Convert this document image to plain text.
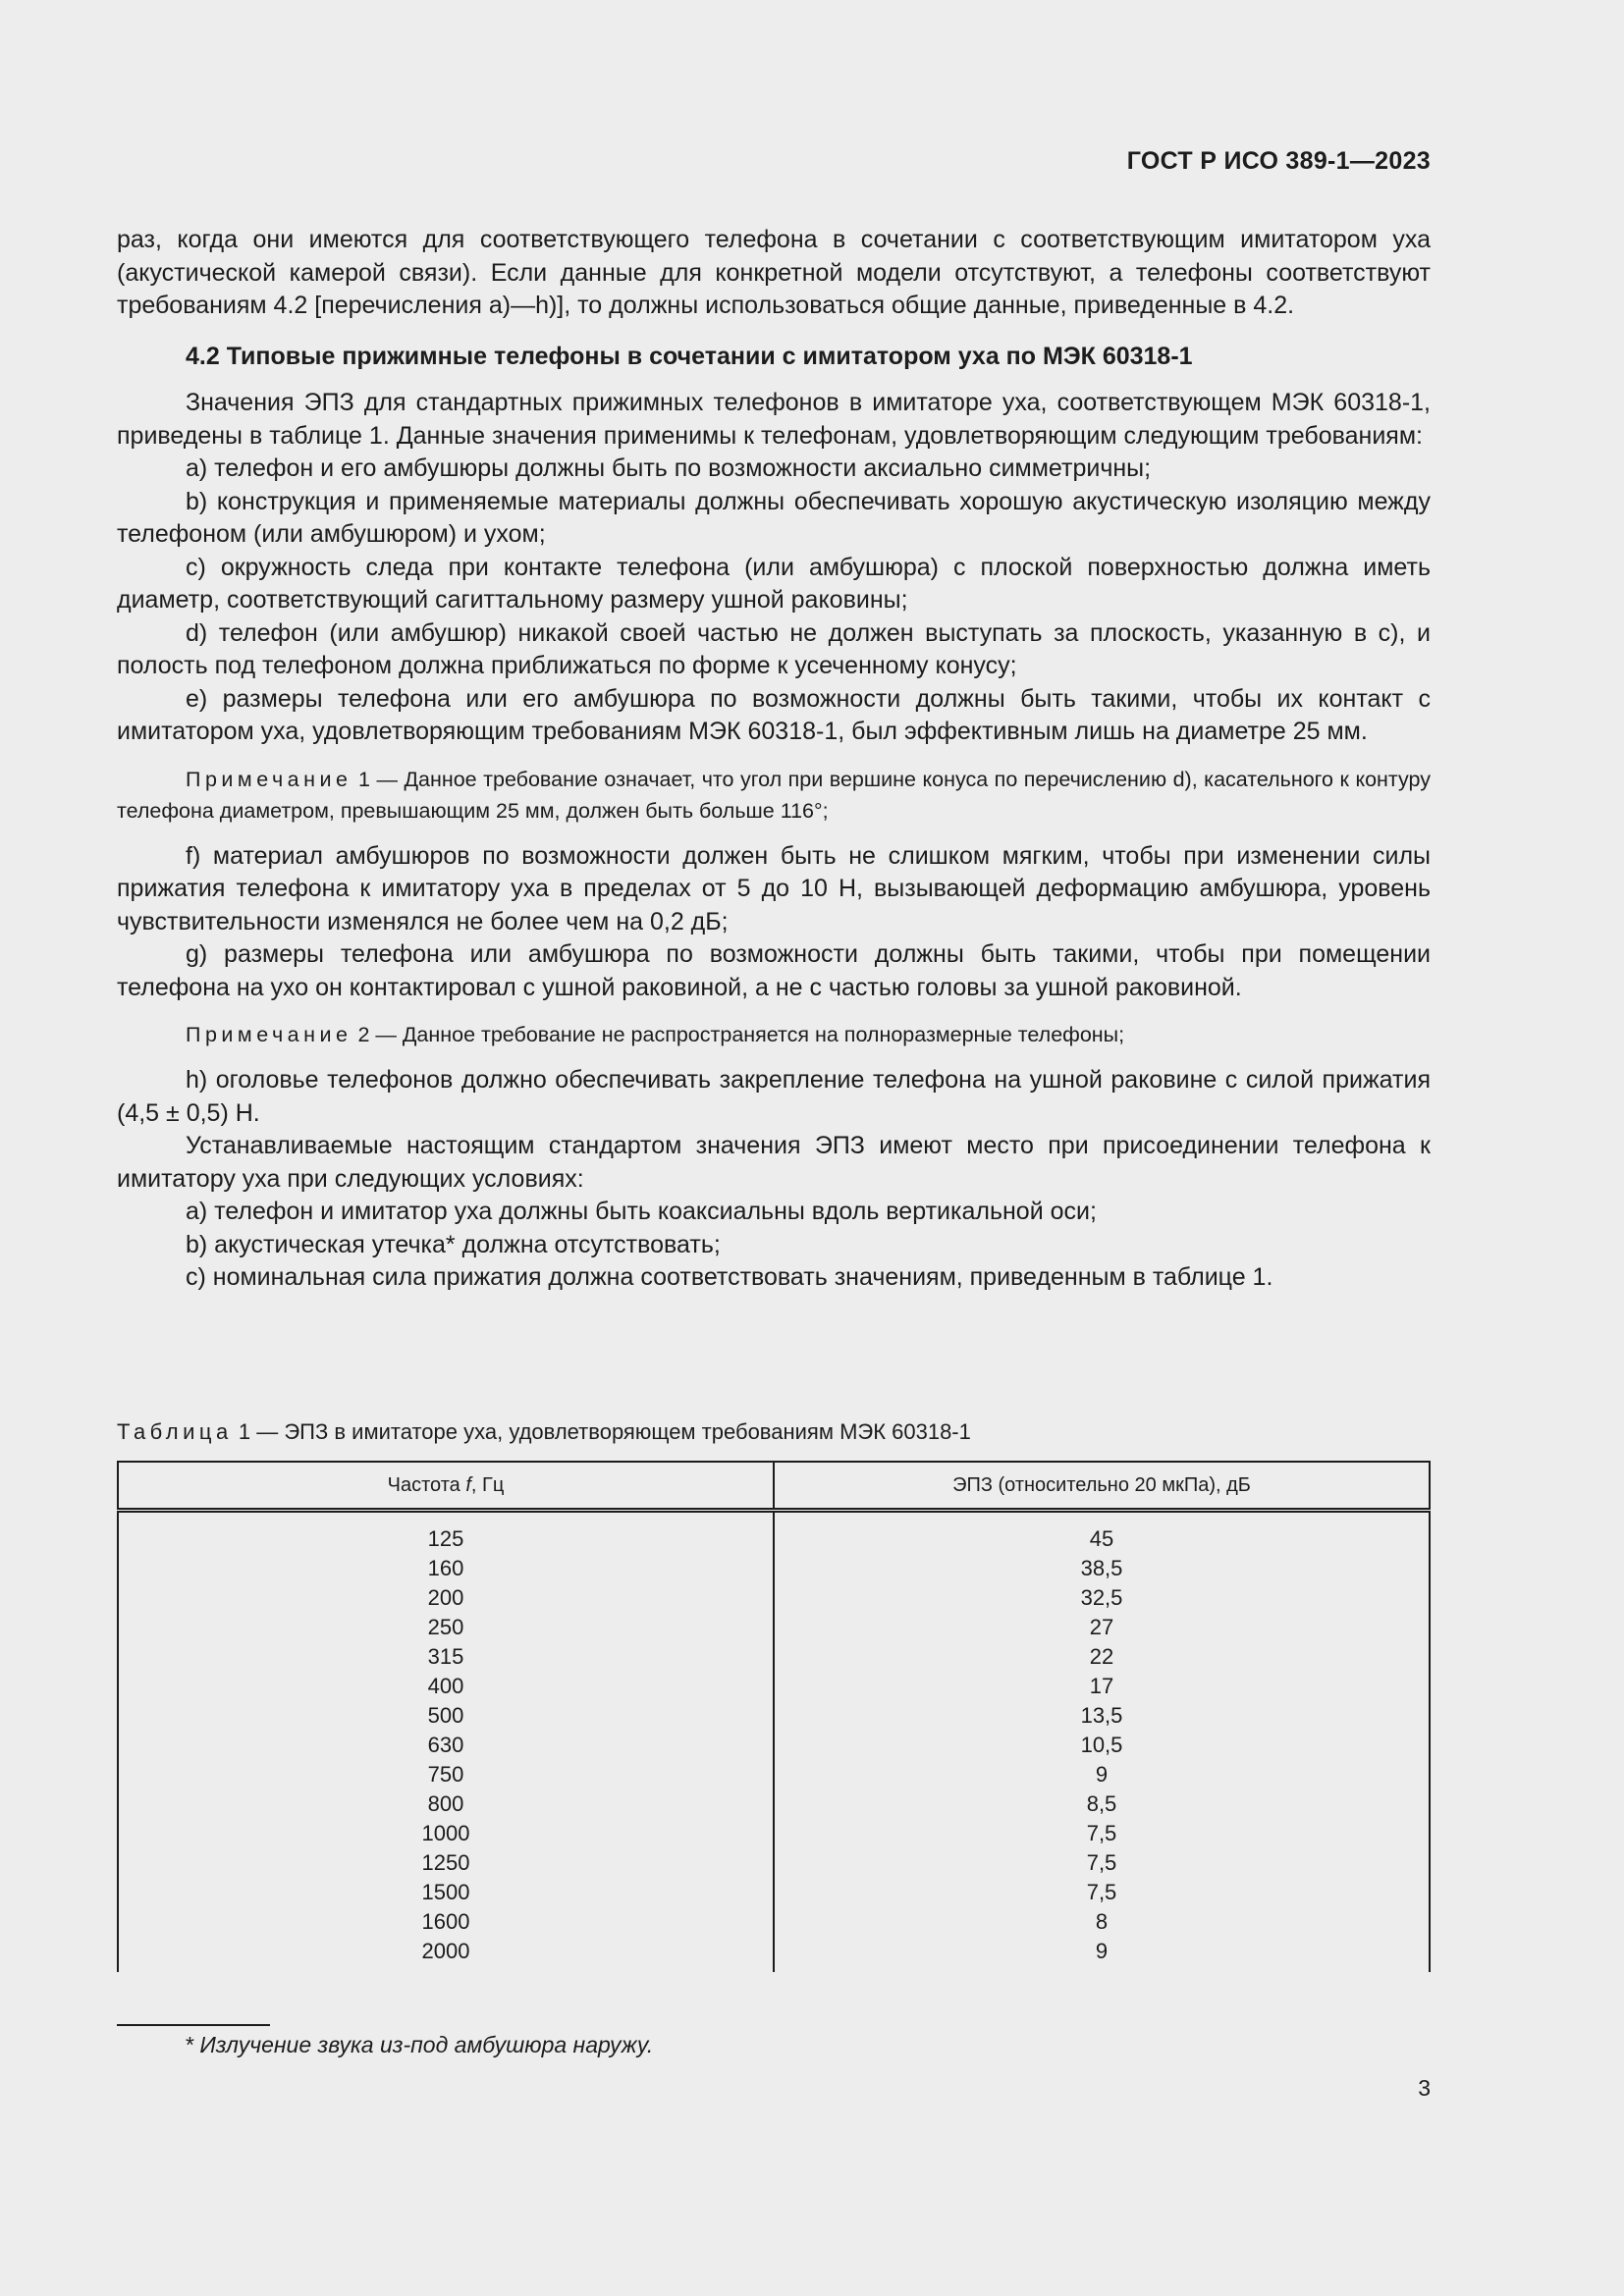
ГОСТ Р ИСО 389-1—2023

раз, когда они имеются для соответствующего телефона в сочетании с соответствующим имитатором уха (акустической камерой связи). Если данные для конкретной модели отсутствуют, а телефоны соответствуют требованиям 4.2 [перечисления а)—h)], то должны использоваться общие данные, приведенные в 4.2.

4.2 Типовые прижимные телефоны в сочетании с имитатором уха по МЭК 60318-1

Значения ЭПЗ для стандартных прижимных телефонов в имитаторе уха, соответствующем МЭК 60318-1, приведены в таблице 1. Данные значения применимы к телефонам, удовлетворяющим следующим требованиям:

a) телефон и его амбушюры должны быть по возможности аксиально симметричны;

b) конструкция и применяемые материалы должны обеспечивать хорошую акустическую изоляцию между телефоном (или амбушюром) и ухом;

c) окружность следа при контакте телефона (или амбушюра) с плоской поверхностью должна иметь диаметр, соответствующий сагиттальному размеру ушной раковины;

d) телефон (или амбушюр) никакой своей частью не должен выступать за плоскость, указанную в с), и полость под телефоном должна приближаться по форме к усеченному конусу;

e) размеры телефона или его амбушюра по возможности должны быть такими, чтобы их контакт с имитатором уха, удовлетворяющим требованиям МЭК 60318-1, был эффективным лишь на диаметре 25 мм.

Примечание 1 — Данное требование означает, что угол при вершине конуса по перечислению d), касательного к контуру телефона диаметром, превышающим 25 мм, должен быть больше 116°;

f) материал амбушюров по возможности должен быть не слишком мягким, чтобы при изменении силы прижатия телефона к имитатору уха в пределах от 5 до 10 Н, вызывающей деформацию амбушюра, уровень чувствительности изменялся не более чем на 0,2 дБ;

g) размеры телефона или амбушюра по возможности должны быть такими, чтобы при помещении телефона на ухо он контактировал с ушной раковиной, а не с частью головы за ушной раковиной.

Примечание 2 — Данное требование не распространяется на полноразмерные телефоны;

h) оголовье телефонов должно обеспечивать закрепление телефона на ушной раковине с силой прижатия (4,5 ± 0,5) Н.

Устанавливаемые настоящим стандартом значения ЭПЗ имеют место при присоединении телефона к имитатору уха при следующих условиях:

a) телефон и имитатор уха должны быть коаксиальны вдоль вертикальной оси;

b) акустическая утечка* должна отсутствовать;

c) номинальная сила прижатия должна соответствовать значениям, приведенным в таблице 1.

Таблица 1 — ЭПЗ в имитаторе уха, удовлетворяющем требованиям МЭК 60318-1
Частота f, Гц	ЭПЗ (относительно 20 мкПа), дБ
125	45
160	38,5
200	32,5
250	27
315	22
400	17
500	13,5
630	10,5
750	9
800	8,5
1000	7,5
1250	7,5
1500	7,5
1600	8
2000	9
* Излучение звука из-под амбушюра наружу.
3
